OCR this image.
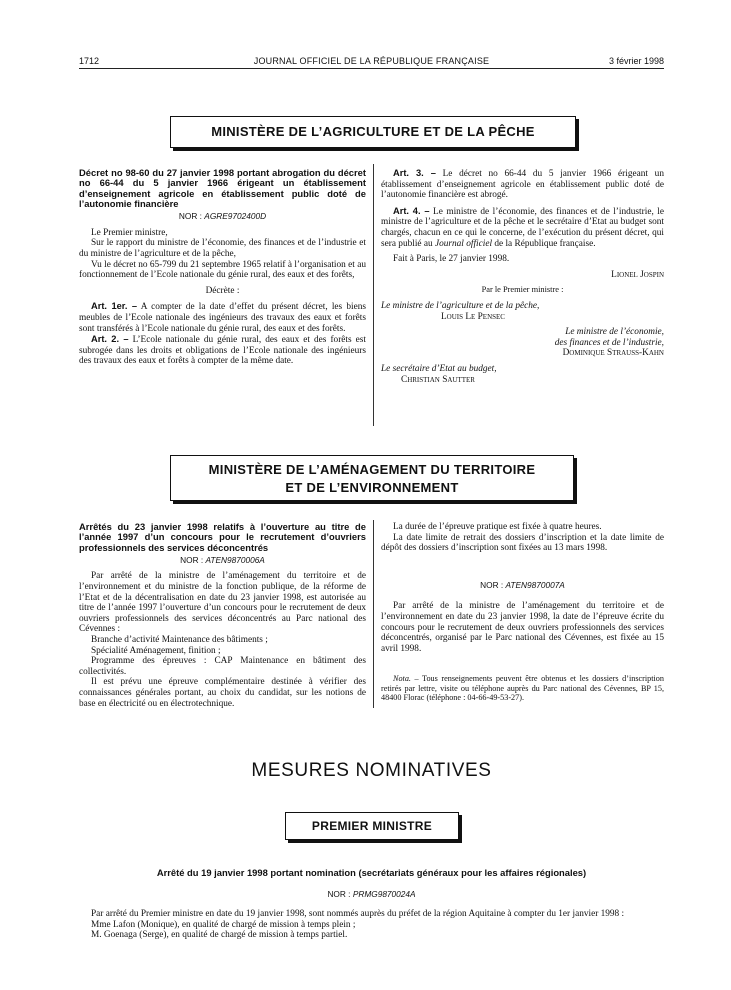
JOURNAL OFFICIEL DE LA RÉPUBLIQUE FRANÇAISE
1712	3 février 1998
MINISTÈRE DE L’AGRICULTURE ET DE LA PÊCHE
Décret no 98-60 du 27 janvier 1998 portant abrogation du décret no 66-44 du 5 janvier 1966 érigeant un établissement d’enseignement agricole en établissement public doté de l’autonomie financière
NOR : AGRE9702400D

Le Premier ministre,

Sur le rapport du ministre de l’économie, des finances et de l’industrie et du ministre de l’agriculture et de la pêche,

Vu le décret no 65-799 du 21 septembre 1965 relatif à l’organisation et au fonctionnement de l’Ecole nationale du génie rural, des eaux et des forêts,

Décrète :

Art. 1er. – A compter de la date d’effet du présent décret, les biens meubles de l’Ecole nationale des ingénieurs des travaux des eaux et forêts sont transférés à l’Ecole nationale du génie rural, des eaux et des forêts.

Art. 2. – L’Ecole nationale du génie rural, des eaux et des forêts est subrogée dans les droits et obligations de l’Ecole nationale des ingénieurs des travaux des eaux et forêts à compter de la même date.

Art. 3. – Le décret no 66-44 du 5 janvier 1966 érigeant un établissement d’enseignement agricole en établissement public doté de l’autonomie financière est abrogé.

Art. 4. – Le ministre de l’économie, des finances et de l’industrie, le ministre de l’agriculture et de la pêche et le secrétaire d’Etat au budget sont chargés, chacun en ce qui le concerne, de l’exécution du présent décret, qui sera publié au Journal officiel de la République française.

Fait à Paris, le 27 janvier 1998.

Lionel Jospin
Par le Premier ministre :
Le ministre de l’agriculture et de la pêche,
Louis Le Pensec
Le ministre de l’économie,
des finances et de l’industrie,
Dominique Strauss-Kahn
Le secrétaire d’Etat au budget,
Christian Sautter
MINISTÈRE DE L’AMÉNAGEMENT DU TERRITOIRE
ET DE L’ENVIRONNEMENT
Arrêtés du 23 janvier 1998 relatifs à l’ouverture au titre de l’année 1997 d’un concours pour le recrutement d’ouvriers professionnels des services déconcentrés
NOR : ATEN9870006A

Par arrêté de la ministre de l’aménagement du territoire et de l’environnement et du ministre de la fonction publique, de la réforme de l’Etat et de la décentralisation en date du 23 janvier 1998, est autorisée au titre de l’année 1997 l’ouverture d’un concours pour le recrutement de deux ouvriers professionnels des services déconcentrés au Parc national des Cévennes :

Branche d’activité Maintenance des bâtiments ;

Spécialité Aménagement, finition ;

Programme des épreuves : CAP Maintenance en bâtiment des collectivités.

Il est prévu une épreuve complémentaire destinée à vérifier des connaissances générales portant, au choix du candidat, sur les notions de base en électricité ou en électrotechnique.

La durée de l’épreuve pratique est fixée à quatre heures.

La date limite de retrait des dossiers d’inscription et la date limite de dépôt des dossiers d’inscription sont fixées au 13 mars 1998.

NOR : ATEN9870007A

Par arrêté de la ministre de l’aménagement du territoire et de l’environnement en date du 23 janvier 1998, la date de l’épreuve écrite du concours pour le recrutement de deux ouvriers professionnels des services déconcentrés, organisé par le Parc national des Cévennes, est fixée au 15 avril 1998.

Nota. – Tous renseignements peuvent être obtenus et les dossiers d’inscription retirés par lettre, visite ou téléphone auprès du Parc national des Cévennes, BP 15, 48400 Florac (téléphone : 04-66-49-53-27).

MESURES NOMINATIVES
PREMIER MINISTRE
Arrêté du 19 janvier 1998 portant nomination (secrétariats généraux pour les affaires régionales)
NOR : PRMG9870024A

Par arrêté du Premier ministre en date du 19 janvier 1998, sont nommés auprès du préfet de la région Aquitaine à compter du 1er janvier 1998 :

Mme Lafon (Monique), en qualité de chargé de mission à temps plein ;

M. Goenaga (Serge), en qualité de chargé de mission à temps partiel.
